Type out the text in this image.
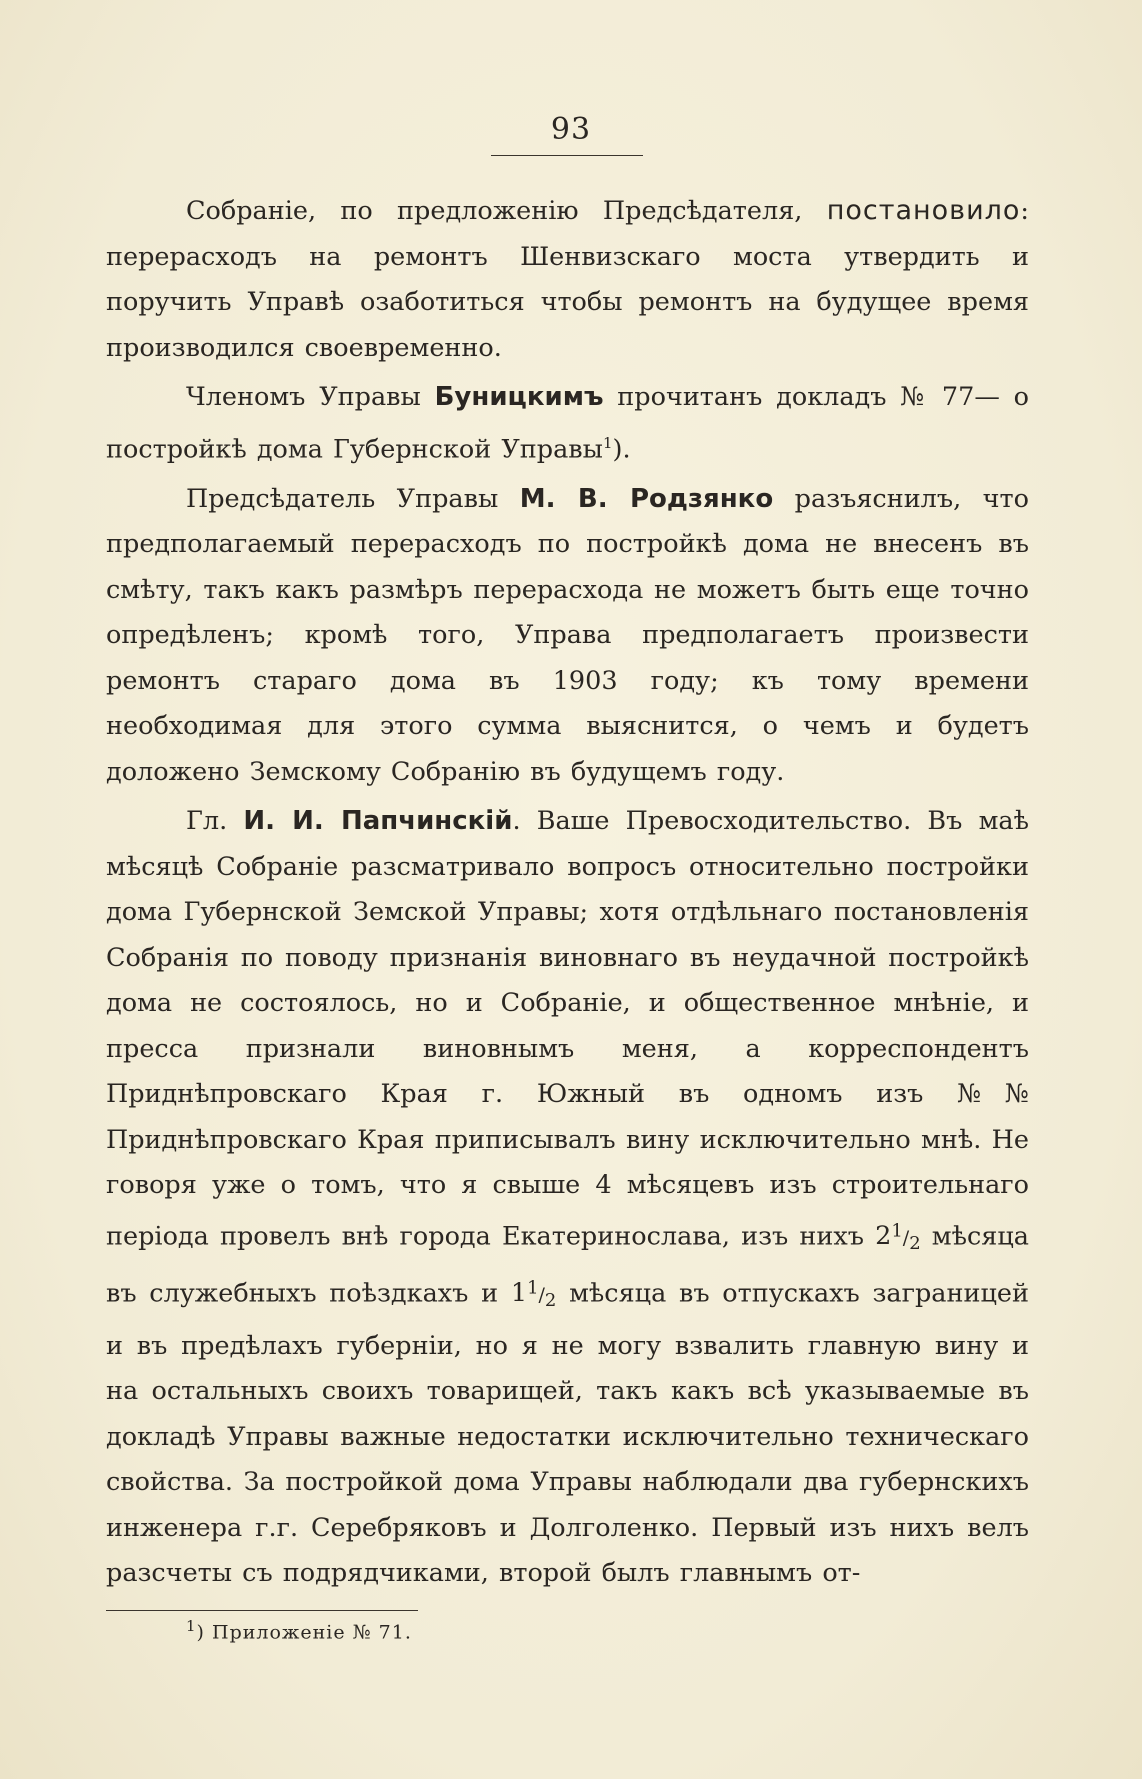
93

Собраніе, по предложенію Предсѣдателя, постановило: перерасходъ на ремонтъ Шенвизскаго моста утвердить и поручить Управѣ озаботиться чтобы ремонтъ на будущее время производился своевременно.

Членомъ Управы Буницкимъ прочитанъ докладъ № 77— о постройкѣ дома Губернской Управы$^1$).

Предсѣдатель Управы М. В. Родзянко разъяснилъ, что предполагаемый перерасходъ по постройкѣ дома не внесенъ въ смѣту, такъ какъ размѣръ перерасхода не можетъ быть еще точно опредѣленъ; кромѣ того, Управа предполагаетъ произвести ремонтъ стараго дома въ 1903 году; къ тому времени необходимая для этого сумма выяснится, о чемъ и будетъ доложено Земскому Собранію въ будущемъ году.

Гл. И. И. Папчинскій. Ваше Превосходительство. Въ маѣ мѣсяцѣ Собраніе разсматривало вопросъ относительно постройки дома Губернской Земской Управы; хотя отдѣльнаго постановленія Собранія по поводу признанія виновнаго въ неудачной постройкѣ дома не состоялось, но и Собраніе, и общественное мнѣніе, и пресса признали виновнымъ меня, а корреспондентъ Приднѣпровскаго Края г. Южный въ одномъ изъ №№ Приднѣпровскаго Края приписывалъ вину исключительно мнѣ. Не говоря уже о томъ, что я свыше 4 мѣсяцевъ изъ строительнаго періода провелъ внѣ города Екатеринослава, изъ нихъ $2^1/_2$ мѣсяца въ служебныхъ поѣздкахъ и $1^1/_2$ мѣсяца въ отпускахъ заграницей и въ предѣлахъ губерніи, но я не могу взвалить главную вину и на остальныхъ своихъ товарищей, такъ какъ всѣ указываемые въ докладѣ Управы важные недостатки исключительно техническаго свойства. За постройкой дома Управы наблюдали два губернскихъ инженера г.г. Серебряковъ и Долголенко. Первый изъ нихъ велъ разсчеты съ подрядчиками, второй былъ главнымъ от-

$^1$) Приложеніе № 71.
